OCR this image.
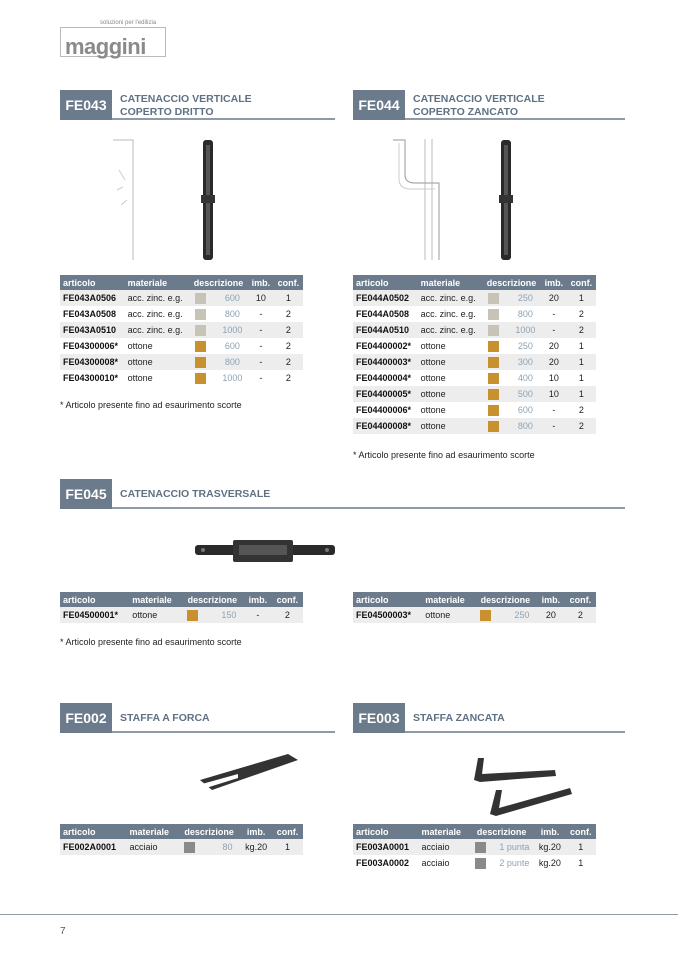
soluzioni per l'edilizia
maggini
FE043	CATENACCIO VERTICALE
COPERTO DRITTO	FE044	CATENACCIO VERTICALE
COPERTO ZANCATO
articolo	materiale	descrizione		imb.	conf.
FE043A0506	acc. zinc. e.g.		600	10	1
FE043A0508	acc. zinc. e.g.		800	-	2
FE043A0510	acc. zinc. e.g.		1000	-	2
FE04300006*	ottone		600	-	2
FE04300008*	ottone		800	-	2
FE04300010*	ottone		1000	-	2
* Articolo presente fino ad esaurimento scorte
articolo	materiale	descrizione		imb.	conf.
FE044A0502	acc. zinc. e.g.		250	20	1
FE044A0508	acc. zinc. e.g.		800	-	2
FE044A0510	acc. zinc. e.g.		1000	-	2
FE04400002*	ottone		250	20	1
FE04400003*	ottone		300	20	1
FE04400004*	ottone		400	10	1
FE04400005*	ottone		500	10	1
FE04400006*	ottone		600	-	2
FE04400008*	ottone		800	-	2
* Articolo presente fino ad esaurimento scorte
FE045	CATENACCIO TRASVERSALE
articolo	materiale	descrizione		imb.	conf.
FE04500001*	ottone		150	-	2
* Articolo presente fino ad esaurimento scorte
articolo	materiale	descrizione		imb.	conf.
FE04500003*	ottone		250	20	2
FE002	STAFFA A FORCA	FE003	STAFFA ZANCATA
articolo	materiale	descrizione		imb.	conf.
FE002A0001	acciaio		80	kg.20	1
articolo	materiale	descrizione		imb.	conf.
FE003A0001	acciaio		1 punta	kg.20	1
FE003A0002	acciaio		2 punte	kg.20	1
7
